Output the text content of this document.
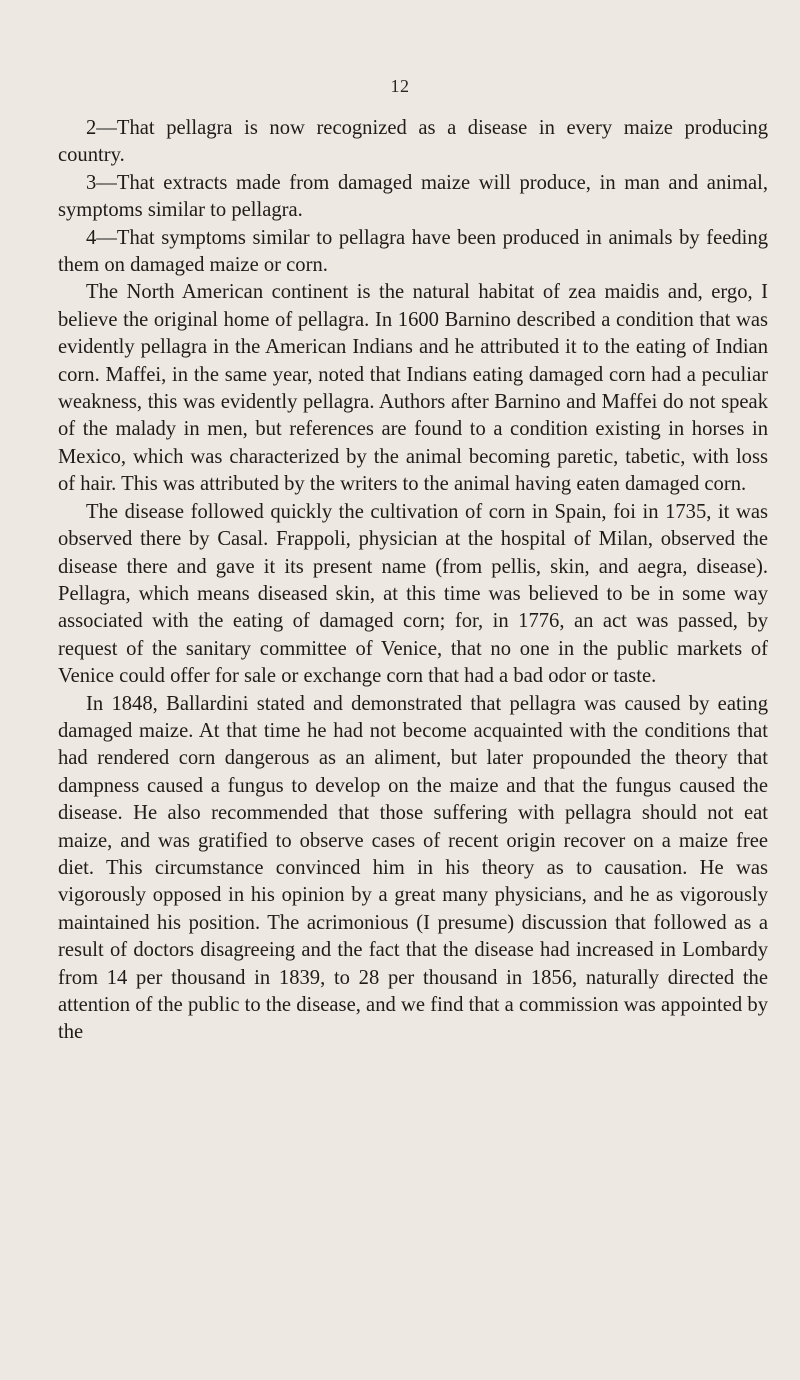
12

2—That pellagra is now recognized as a disease in every maize producing country.

3—That extracts made from damaged maize will produce, in man and animal, symptoms similar to pellagra.

4—That symptoms similar to pellagra have been produced in animals by feeding them on damaged maize or corn.

The North American continent is the natural habitat of zea maidis and, ergo, I believe the original home of pellagra. In 1600 Barnino described a condition that was evidently pellagra in the American Indians and he attributed it to the eating of Indian corn. Maffei, in the same year, noted that Indians eating damaged corn had a peculiar weakness, this was evidently pellagra. Authors after Barnino and Maffei do not speak of the malady in men, but references are found to a condition existing in horses in Mexico, which was characterized by the animal becoming paretic, tabetic, with loss of hair. This was attributed by the writers to the animal having eaten damaged corn.

The disease followed quickly the cultivation of corn in Spain, foi in 1735, it was observed there by Casal. Frappoli, physician at the hospital of Milan, observed the disease there and gave it its present name (from pellis, skin, and aegra, disease). Pellagra, which means diseased skin, at this time was believed to be in some way associated with the eating of damaged corn; for, in 1776, an act was passed, by request of the sanitary committee of Venice, that no one in the public markets of Venice could offer for sale or exchange corn that had a bad odor or taste.

In 1848, Ballardini stated and demonstrated that pellagra was caused by eating damaged maize. At that time he had not become acquainted with the conditions that had rendered corn dangerous as an aliment, but later propounded the theory that dampness caused a fungus to develop on the maize and that the fungus caused the disease. He also recommended that those suffering with pellagra should not eat maize, and was gratified to observe cases of recent origin recover on a maize free diet. This circumstance convinced him in his theory as to causation. He was vigorously opposed in his opinion by a great many physicians, and he as vigorously maintained his position. The acrimonious (I presume) discussion that followed as a result of doctors disagreeing and the fact that the disease had increased in Lombardy from 14 per thousand in 1839, to 28 per thousand in 1856, naturally directed the attention of the public to the disease, and we find that a commission was appointed by the
